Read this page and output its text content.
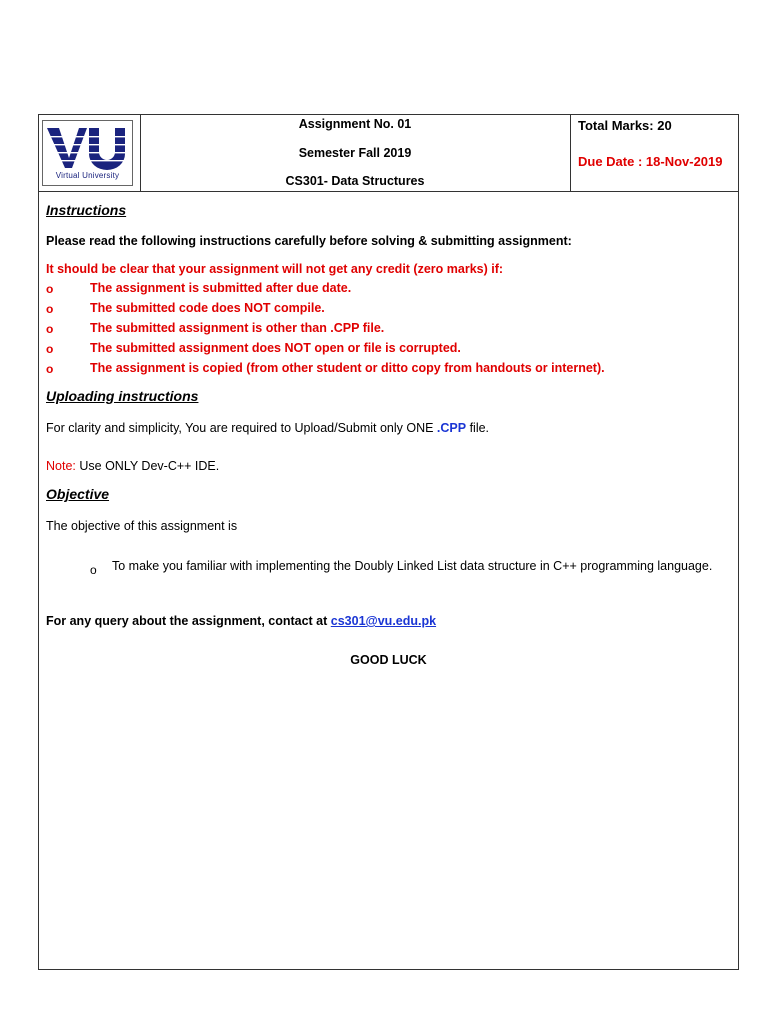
Virtual University
Assignment No. 01
Semester Fall 2019
CS301- Data Structures
Total Marks: 20
Due Date : 18-Nov-2019
Instructions
Please read the following instructions carefully before solving & submitting assignment:
It should be clear that your assignment will not get any credit (zero marks) if:
o	The assignment is submitted after due date.
o	The submitted code does NOT compile.
o	The submitted assignment is other than .CPP file.
o	The submitted assignment does NOT open or file is corrupted.
o	The assignment is copied (from other student or ditto copy from handouts or internet).
Uploading instructions
For clarity and simplicity, You are required to Upload/Submit only ONE .CPP file.
Note: Use ONLY Dev-C++ IDE.
Objective
The objective of this assignment is
o To make you familiar with implementing the Doubly Linked List data structure in C++ programming language.
For any query about the assignment, contact at cs301@vu.edu.pk
GOOD LUCK
